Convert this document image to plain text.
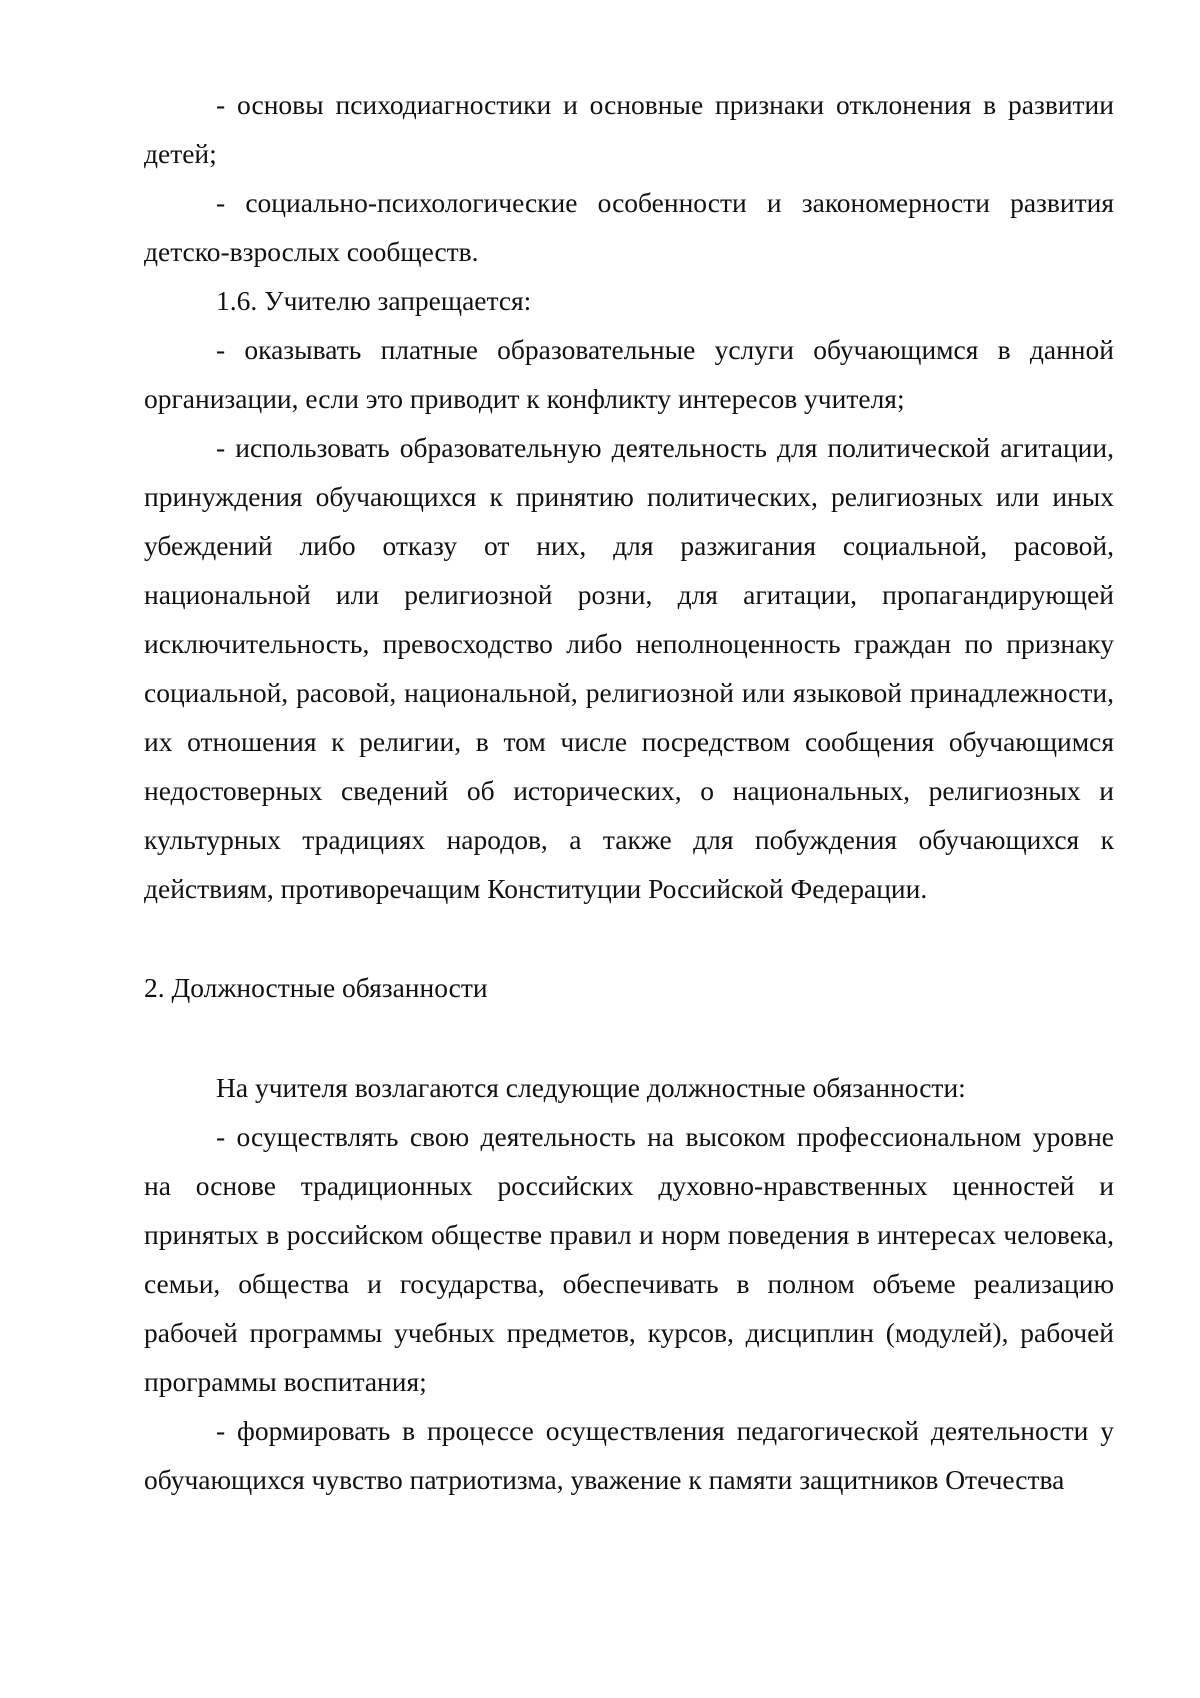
- основы психодиагностики и основные признаки отклонения в развитии детей;

- социально-психологические особенности и закономерности развития детско-взрослых сообществ.

1.6. Учителю запрещается:

- оказывать платные образовательные услуги обучающимся в данной организации, если это приводит к конфликту интересов учителя;

- использовать образовательную деятельность для политической агитации, принуждения обучающихся к принятию политических, религиозных или иных убеждений либо отказу от них, для разжигания социальной, расовой, национальной или религиозной розни, для агитации, пропагандирующей исключительность, превосходство либо неполноценность граждан по признаку социальной, расовой, национальной, религиозной или языковой принадлежности, их отношения к религии, в том числе посредством сообщения обучающимся недостоверных сведений об исторических, о национальных, религиозных и культурных традициях народов, а также для побуждения обучающихся к действиям, противоречащим Конституции Российской Федерации.

2. Должностные обязанности

На учителя возлагаются следующие должностные обязанности:

- осуществлять свою деятельность на высоком профессиональном уровне на основе традиционных российских духовно-нравственных ценностей и принятых в российском обществе правил и норм поведения в интересах человека, семьи, общества и государства, обеспечивать в полном объеме реализацию рабочей программы учебных предметов, курсов, дисциплин (модулей), рабочей программы воспитания;

- формировать в процессе осуществления педагогической деятельности у обучающихся чувство патриотизма, уважение к памяти защитников Отечества
